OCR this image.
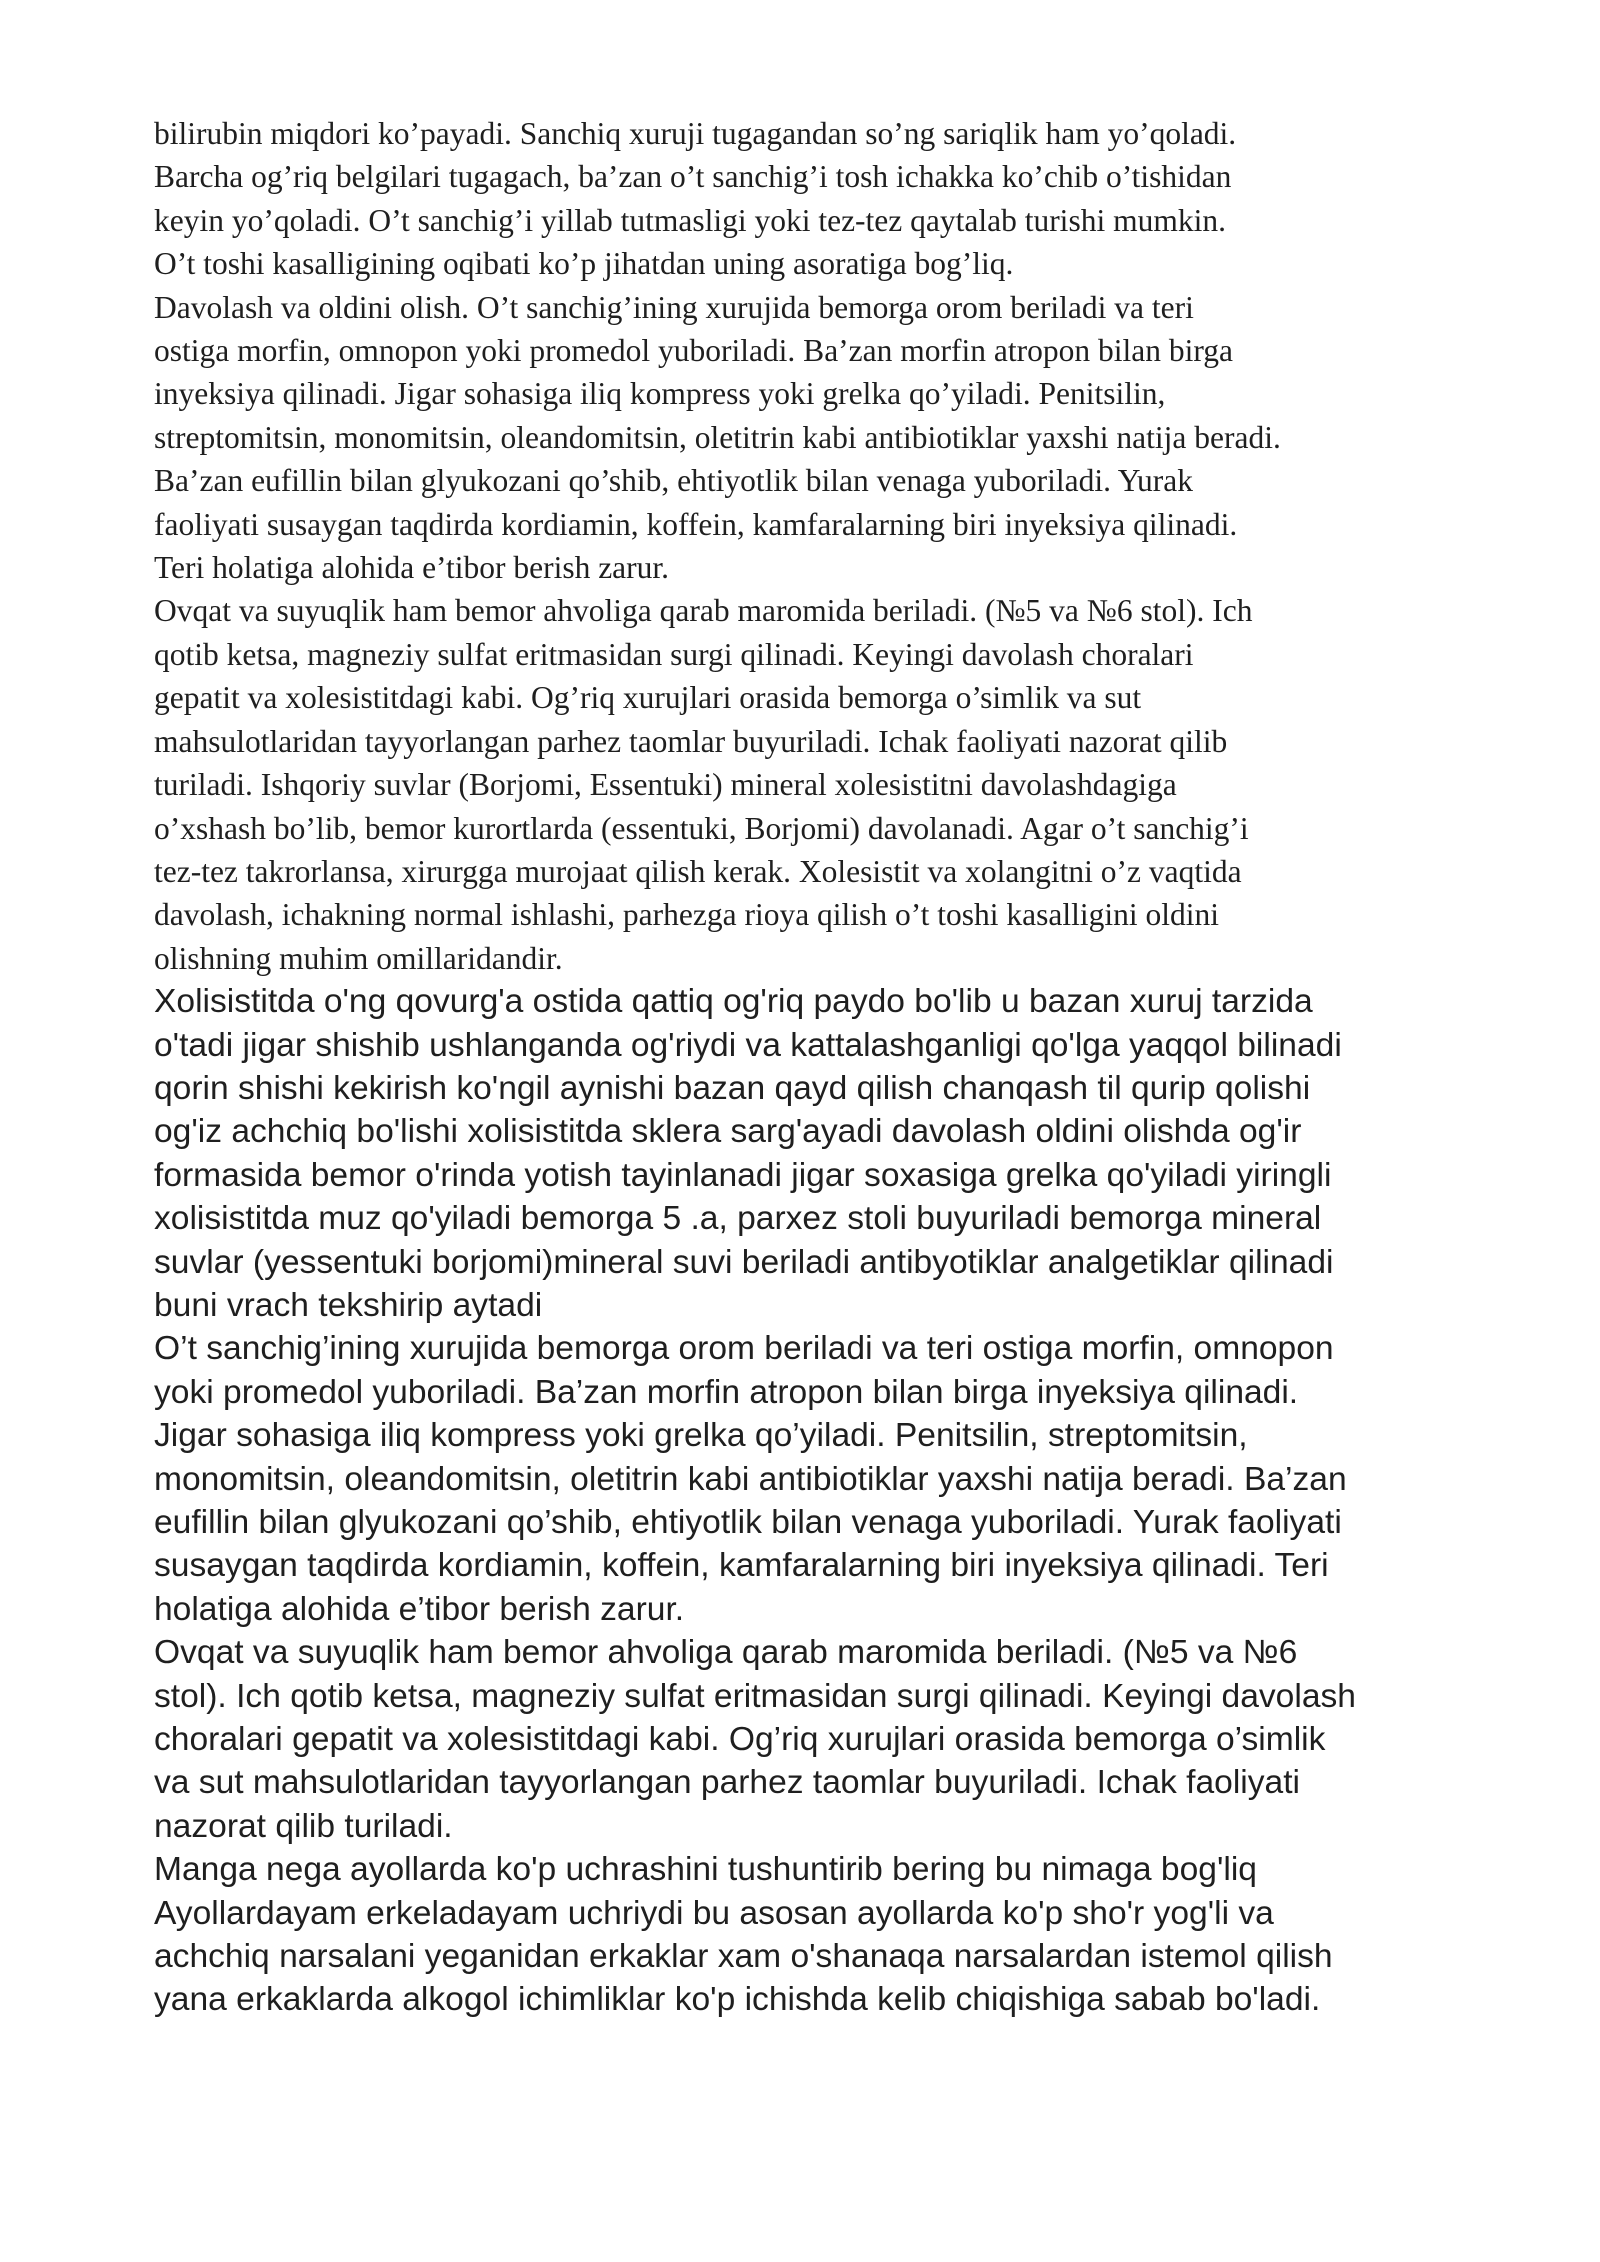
bilirubin miqdori ko’payadi. Sanchiq xuruji tugagandan so’ng sariqlik ham yo’qoladi.
Barcha og’riq belgilari tugagach, ba’zan o’t sanchig’i tosh ichakka ko’chib o’tishidan
keyin yo’qoladi. O’t sanchig’i yillab tutmasligi yoki tez-tez qaytalab turishi mumkin.
O’t toshi kasalligining oqibati ko’p jihatdan uning asoratiga bog’liq.

Davolash va oldini olish. O’t sanchig’ining xurujida bemorga orom beriladi va teri
ostiga morfin, omnopon yoki promedol yuboriladi. Ba’zan morfin atropon bilan birga
inyeksiya qilinadi. Jigar sohasiga iliq kompress yoki grelka qo’yiladi. Penitsilin,
streptomitsin, monomitsin, oleandomitsin, oletitrin kabi antibiotiklar yaxshi natija beradi.
Ba’zan eufillin bilan glyukozani qo’shib, ehtiyotlik bilan venaga yuboriladi. Yurak
faoliyati susaygan taqdirda kordiamin, koffein, kamfaralarning biri inyeksiya qilinadi.
Teri holatiga alohida e’tibor berish zarur.

Ovqat va suyuqlik ham bemor ahvoliga qarab maromida beriladi. (№5 va №6 stol). Ich
qotib ketsa, magneziy sulfat eritmasidan surgi qilinadi. Keyingi davolash choralari
gepatit va xolesistitdagi kabi. Og’riq xurujlari orasida bemorga o’simlik va sut
mahsulotlaridan tayyorlangan parhez taomlar buyuriladi. Ichak faoliyati nazorat qilib
turiladi. Ishqoriy suvlar (Borjomi, Essentuki) mineral xolesistitni davolashdagiga
o’xshash bo’lib, bemor kurortlarda (essentuki, Borjomi) davolanadi. Agar o’t sanchig’i
tez-tez takrorlansa, xirurgga murojaat qilish kerak. Xolesistit va xolangitni o’z vaqtida
davolash, ichakning normal ishlashi, parhezga rioya qilish o’t toshi kasalligini oldini
olishning muhim omillaridandir.

Xolisistitda o'ng qovurg'a ostida qattiq og'riq paydo bo'lib u bazan xuruj tarzida
o'tadi jigar shishib ushlanganda og'riydi va kattalashganligi qo'lga yaqqol bilinadi
qorin shishi kekirish ko'ngil aynishi bazan qayd qilish chanqash til qurip qolishi
og'iz achchiq bo'lishi xolisistitda sklera sarg'ayadi davolash oldini olishda og'ir
formasida bemor o'rinda yotish tayinlanadi jigar soxasiga grelka qo'yiladi yiringli
xolisistitda muz qo'yiladi bemorga 5 .a, parxez stoli buyuriladi bemorga mineral
suvlar (yessentuki borjomi)mineral suvi beriladi antibyotiklar analgetiklar qilinadi
buni vrach tekshirip aytadi

O’t sanchig’ining xurujida bemorga orom beriladi va teri ostiga morfin, omnopon
yoki promedol yuboriladi. Ba’zan morfin atropon bilan birga inyeksiya qilinadi.
Jigar sohasiga iliq kompress yoki grelka qo’yiladi. Penitsilin, streptomitsin,
monomitsin, oleandomitsin, oletitrin kabi antibiotiklar yaxshi natija beradi. Ba’zan
eufillin bilan glyukozani qo’shib, ehtiyotlik bilan venaga yuboriladi. Yurak faoliyati
susaygan taqdirda kordiamin, koffein, kamfaralarning biri inyeksiya qilinadi. Teri
holatiga alohida e’tibor berish zarur.

Ovqat va suyuqlik ham bemor ahvoliga qarab maromida beriladi. (№5 va №6
stol). Ich qotib ketsa, magneziy sulfat eritmasidan surgi qilinadi. Keyingi davolash
choralari gepatit va xolesistitdagi kabi. Og’riq xurujlari orasida bemorga o’simlik
va sut mahsulotlaridan tayyorlangan parhez taomlar buyuriladi. Ichak faoliyati
nazorat qilib turiladi.

Manga nega ayollarda ko'p uchrashini tushuntirib bering bu nimaga bog'liq

Ayollardayam erkeladayam uchriydi bu asosan ayollarda ko'p sho'r yog'li va
achchiq narsalani yeganidan erkaklar xam o'shanaqa narsalardan istemol qilish
yana erkaklarda alkogol ichimliklar ko'p ichishda kelib chiqishiga sabab bo'ladi.
